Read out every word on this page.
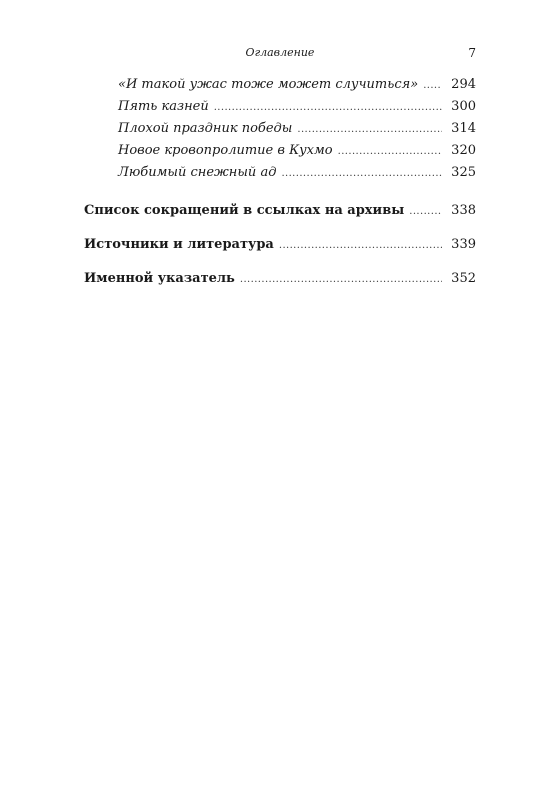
Оглавление	7
«И такой ужас тоже может случиться» .....	294
Пять казней .....	300
Плохой праздник победы .....	314
Новое кровопролитие в Кухмо .....	320
Любимый снежный ад .....	325
Список сокращений в ссылках на архивы .....	338
Источники и литература .....	339
Именной указатель .....	352
